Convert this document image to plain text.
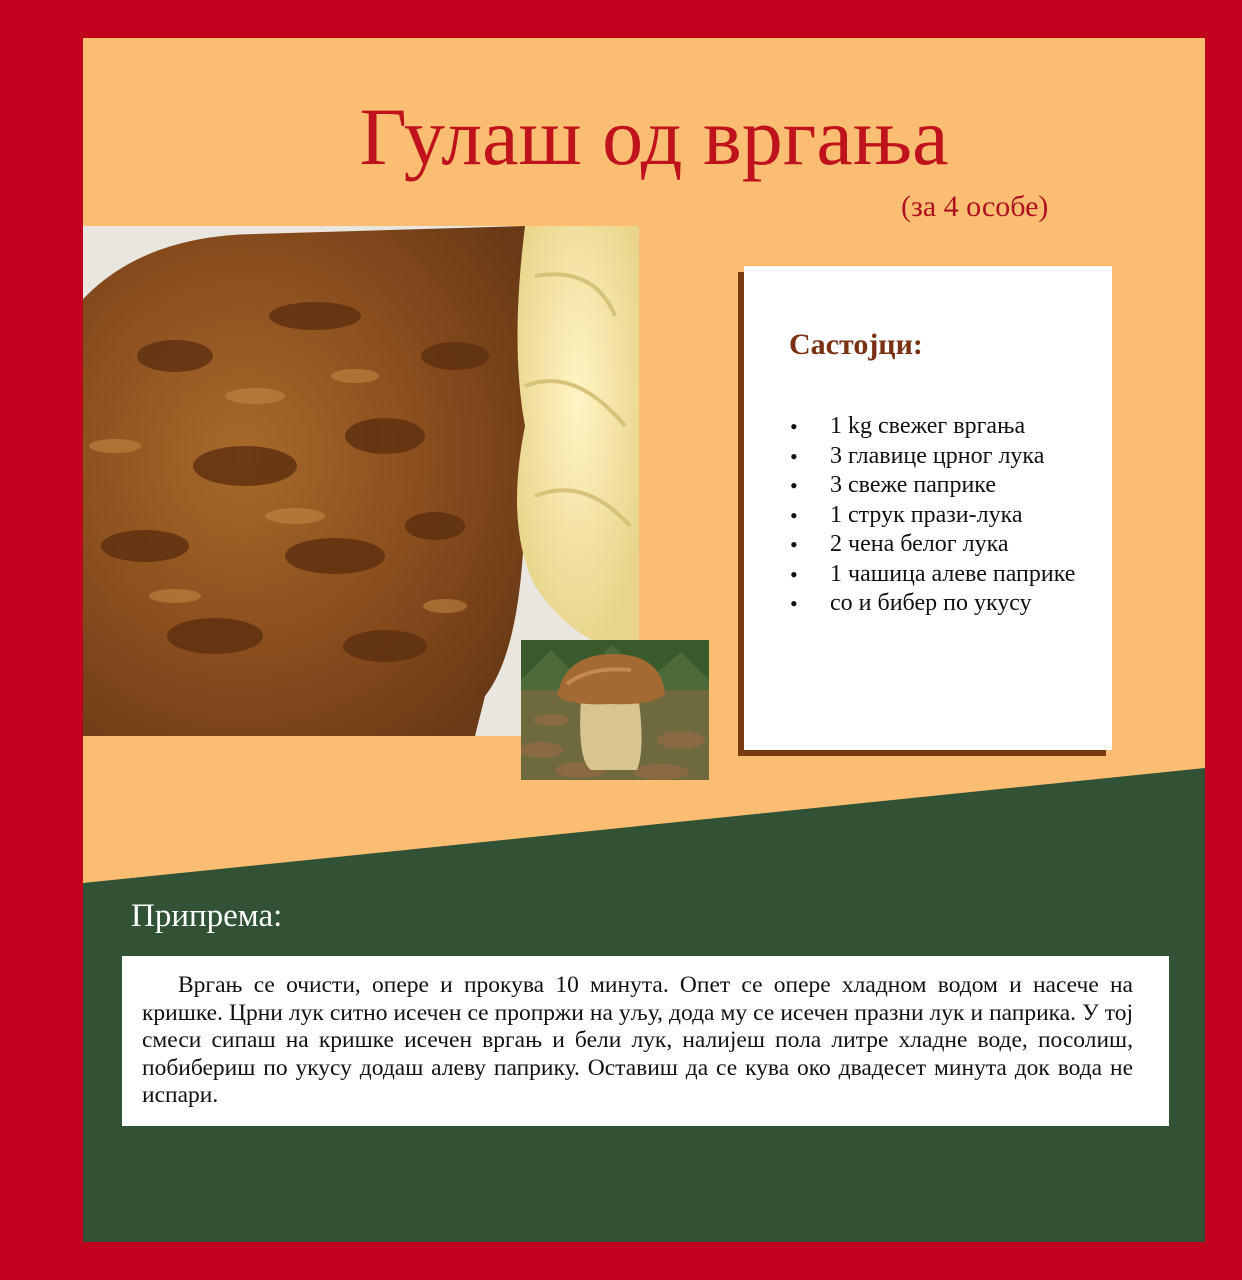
Гулаш од вргања
(за 4 особе)
Састојци:
• 1 kg свежег вргања
• 3 главице црног лука
• 3 свеже паприке
• 1 струк прази-лука
• 2 чена белог лука
• 1 чашица алеве паприке
• со и бибер по укусу
Припрема:

Вргањ се очисти, опере и прокува 10 минута. Опет се опере хладном водом и насече на кришке. Црни лук ситно исечен се пропржи на уљу, дода му се исечен празни лук и паприка. У тој смеси сипаш на кришке исечен вргањ и бели лук, налијеш пола литре хладне воде, посолиш, побибериш по укусу додаш алеву паприку. Оставиш да се кува око двадесет минута док вода не испари.
